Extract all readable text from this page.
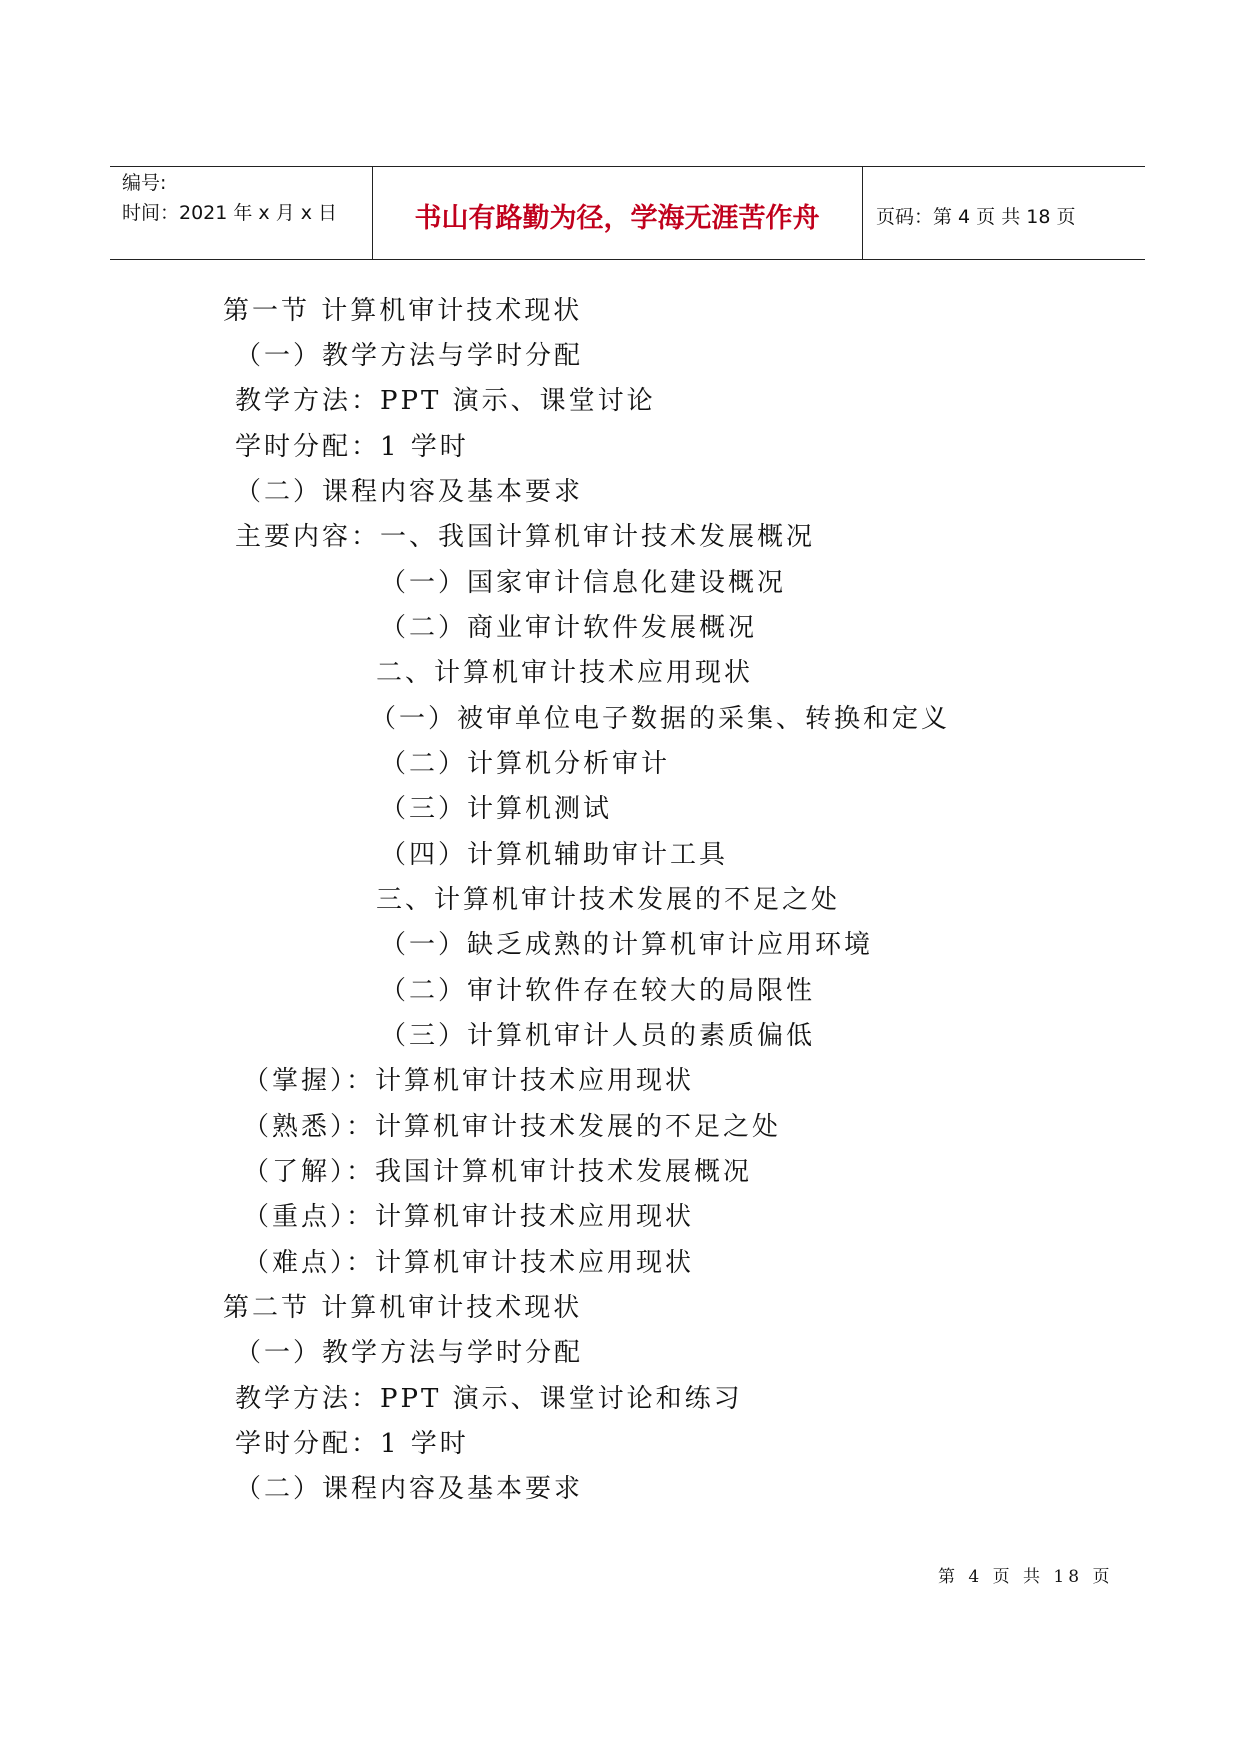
编号:
时间：2021 年 x 月 x 日	书山有路勤为径，学海无涯苦作舟	页码：第 4 页 共 18 页
第一节 计算机审计技术现状
（一）教学方法与学时分配
教学方法：PPT 演示、课堂讨论
学时分配：1 学时
（二）课程内容及基本要求
主要内容：一、我国计算机审计技术发展概况
（一）国家审计信息化建设概况
（二）商业审计软件发展概况
二、计算机审计技术应用现状
（一）被审单位电子数据的采集、转换和定义
（二）计算机分析审计
（三）计算机测试
（四）计算机辅助审计工具
三、计算机审计技术发展的不足之处
（一）缺乏成熟的计算机审计应用环境
（二）审计软件存在较大的局限性
（三）计算机审计人员的素质偏低
（掌握）：计算机审计技术应用现状
（熟悉）：计算机审计技术发展的不足之处
（了解）：我国计算机审计技术发展概况
（重点）：计算机审计技术应用现状
（难点）：计算机审计技术应用现状
第二节 计算机审计技术现状
（一）教学方法与学时分配
教学方法：PPT 演示、课堂讨论和练习
学时分配：1 学时
（二）课程内容及基本要求
第 4 页 共 18 页
